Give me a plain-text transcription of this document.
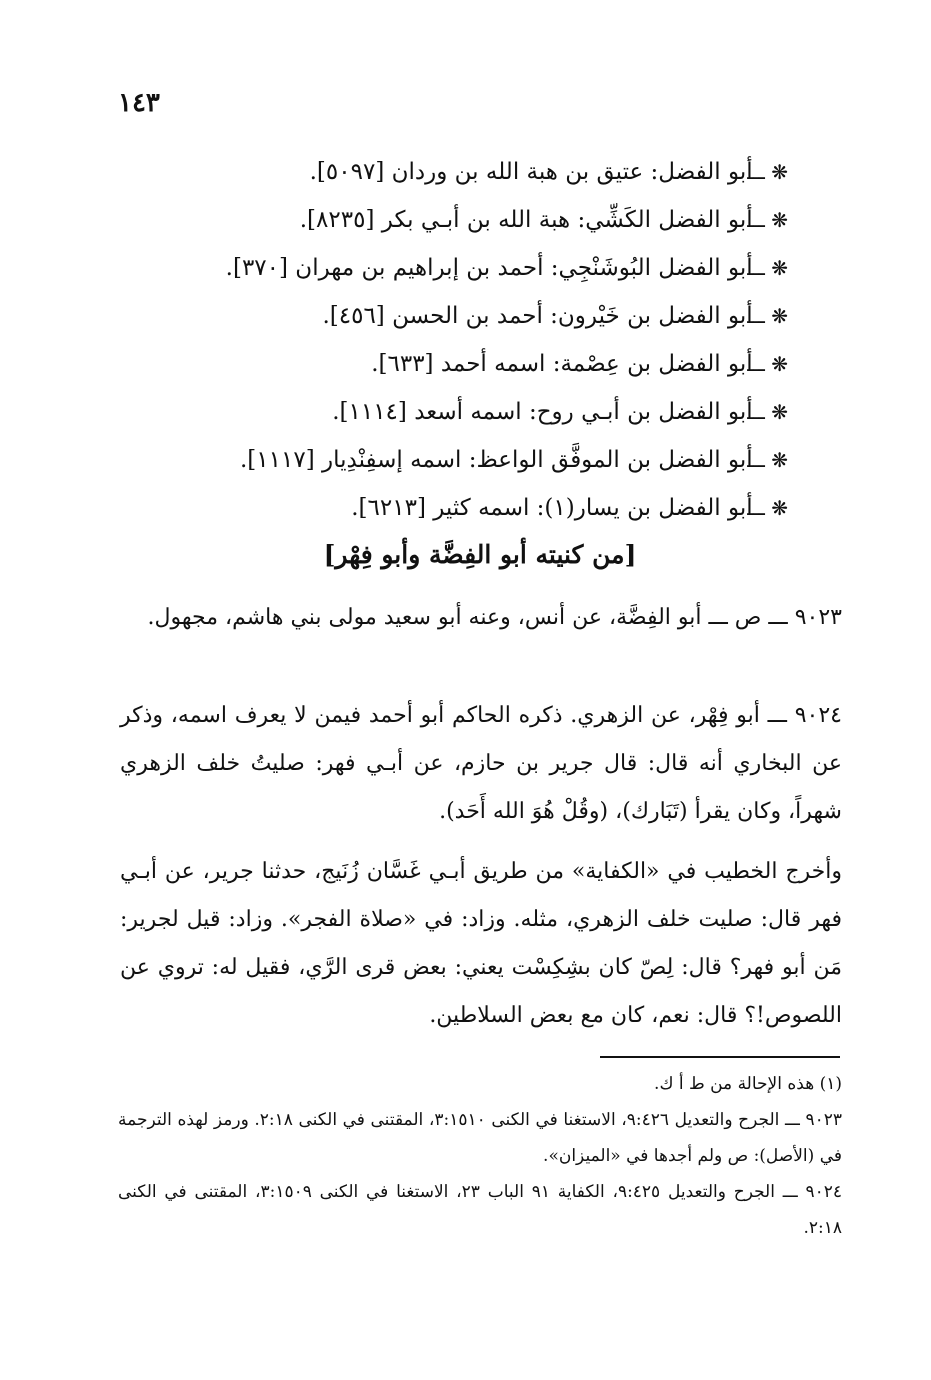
١٤٣
❋ ـــ أبو الفضل: عتيق بن هبة الله بن وردان [٥٠٩٧].
❋ ـــ أبو الفضل الكَشِّي: هبة الله بن أبـي بكر [٨٢٣٥].
❋ ـــ أبو الفضل البُوشَنْجِي: أحمد بن إبراهيم بن مهران [٣٧٠].
❋ ـــ أبو الفضل بن خَيْرون: أحمد بن الحسن [٤٥٦].
❋ ـــ أبو الفضل بن عِصْمة: اسمه أحمد [٦٣٣].
❋ ـــ أبو الفضل بن أبـي روح: اسمه أسعد [١١١٤].
❋ ـــ أبو الفضل بن الموفَّق الواعظ: اسمه إسفِنْدِيار [١١١٧].
❋ ـــ أبو الفضل بن يسار(١): اسمه كثير [٦٢١٣].
[من كنيته أبو الفِضَّة وأبو فِهْر]

٩٠٢٣ ـــ ص ـــ أبو الفِضَّة، عن أنس، وعنه أبو سعيد مولى بني هاشم، مجهول.

٩٠٢٤ ـــ أبو فِهْر، عن الزهري. ذكره الحاكم أبو أحمد فيمن لا يعرف اسمه، وذكر عن البخاري أنه قال: قال جرير بن حازم، عن أبـي فهر: صليتُ خلف الزهري شهراً، وكان يقرأ (تَبَارك)، (وقُلْ هُوَ الله أَحَد).

وأخرج الخطيب في «الكفاية» من طريق أبـي غَسَّان زُنَيج، حدثنا جرير، عن أبـي فهر قال: صليت خلف الزهري، مثله. وزاد: في «صلاة الفجر». وزاد: قيل لجرير: مَن أبو فهر؟ قال: لِصّ كان بشِكِسْت يعني: بعض قرى الرَّي، فقيل له: تروي عن اللصوص!؟ قال: نعم، كان مع بعض السلاطين.

(١) هذه الإحالة من ط أ ك.

٩٠٢٣ ـــ الجرح والتعديل ٩:٤٢٦، الاستغنا في الكنى ٣:١٥١٠، المقتنى في الكنى ٢:١٨. ورمز لهذه الترجمة في (الأصل): ص ولم أجدها في «الميزان».

٩٠٢٤ ـــ الجرح والتعديل ٩:٤٢٥، الكفاية ٩١ الباب ٢٣، الاستغنا في الكنى ٣:١٥٠٩، المقتنى في الكنى ٢:١٨.
